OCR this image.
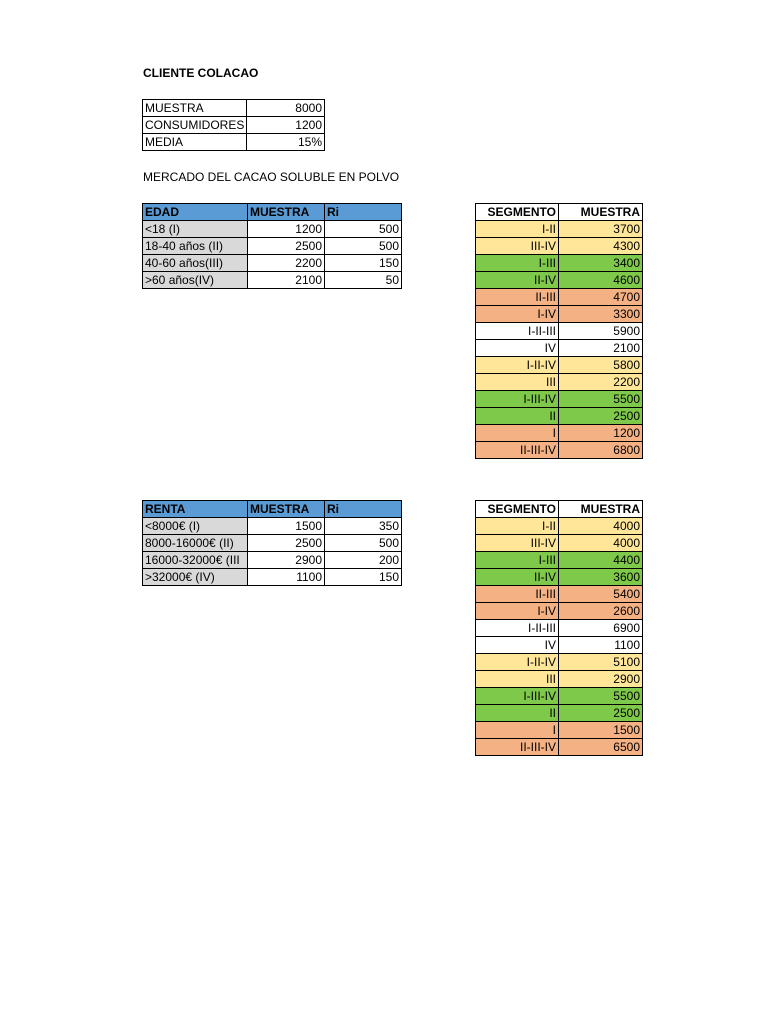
CLIENTE COLACAO
MUESTRA	8000
CONSUMIDORES	1200
MEDIA	15%
MERCADO DEL CACAO SOLUBLE EN POLVO
EDAD	MUESTRA	Ri
<18 (I)	1200	500
18-40 años (II)	2500	500
40-60 años(III)	2200	150
>60 años(IV)	2100	50
SEGMENTO	MUESTRA
I-II	3700
III-IV	4300
I-III	3400
II-IV	4600
II-III	4700
I-IV	3300
I-II-III	5900
IV	2100
I-II-IV	5800
III	2200
I-III-IV	5500
II	2500
I	1200
II-III-IV	6800
RENTA	MUESTRA	Ri
<8000€ (I)	1500	350
8000-16000€ (II)	2500	500
16000-32000€ (III	2900	200
>32000€ (IV)	1100	150
SEGMENTO	MUESTRA
I-II	4000
III-IV	4000
I-III	4400
II-IV	3600
II-III	5400
I-IV	2600
I-II-III	6900
IV	1100
I-II-IV	5100
III	2900
I-III-IV	5500
II	2500
I	1500
II-III-IV	6500
